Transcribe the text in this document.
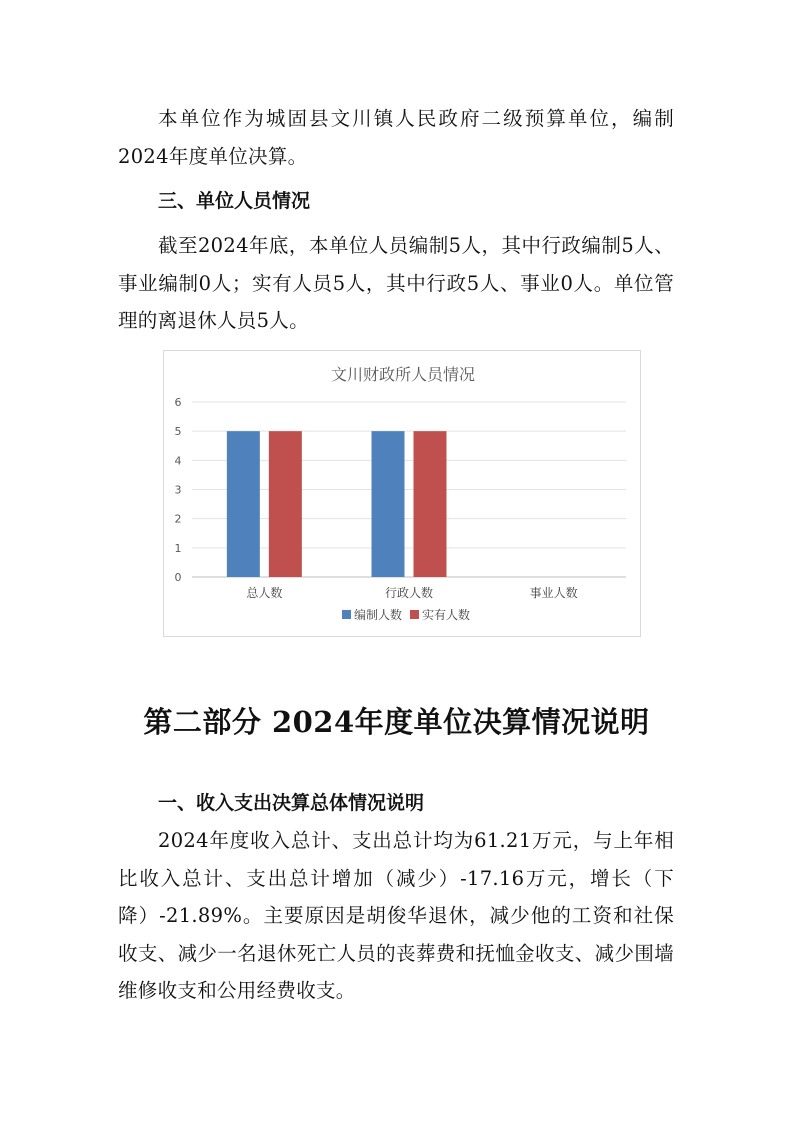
本单位作为城固县文川镇人民政府二级预算单位，编制2024年度单位决算。

三、单位人员情况

截至2024年底，本单位人员编制5人，其中行政编制5人、事业编制0人；实有人员5人，其中行政5人、事业0人。单位管理的离退休人员5人。

文川财政所人员情况
0
1
2
3
4
5
6
总人数	行政人数	事业人数
编制人数 实有人数
第二部分 2024年度单位决算情况说明
一、收入支出决算总体情况说明

2024年度收入总计、支出总计均为61.21万元，与上年相比收入总计、支出总计增加（减少）-17.16万元，增长（下降）-21.89%。主要原因是胡俊华退休，减少他的工资和社保收支、减少一名退休死亡人员的丧葬费和抚恤金收支、减少围墙维修收支和公用经费收支。
